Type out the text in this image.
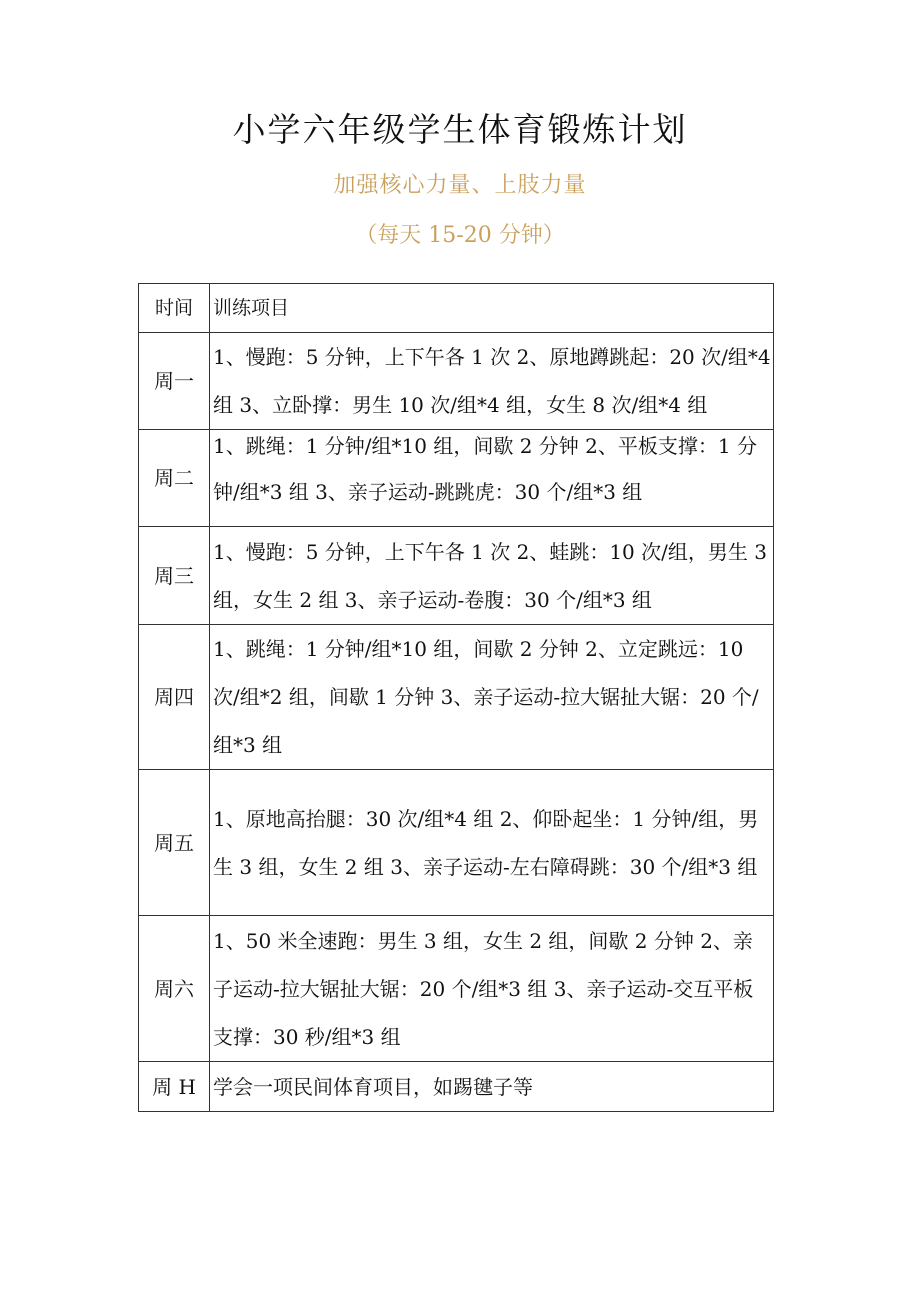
小学六年级学生体育锻炼计划
加强核心力量、上肢力量
（每天 15-20 分钟）
时间	训练项目
周一	1、慢跑：5 分钟，上下午各 1 次 2、原地蹲跳起：20 次/组*4 组 3、立卧撑：男生 10 次/组*4 组，女生 8 次/组*4 组

周二	1、跳绳：1 分钟/组*10 组，间歇 2 分钟 2、平板支撑：1 分
钟/组*3 组 3、亲子运动-跳跳虎：30 个/组*3 组

周三	1、慢跑：5 分钟，上下午各 1 次 2、蛙跳：10 次/组，男生 3 组，女生 2 组 3、亲子运动-卷腹：30 个/组*3 组

周四	1、跳绳：1 分钟/组*10 组，间歇 2 分钟 2、立定跳远：10 次/组*2 组，间歇 1 分钟 3、亲子运动-拉大锯扯大锯：20 个/组*3 组

周五	1、原地高抬腿：30 次/组*4 组 2、仰卧起坐：1 分钟/组，男生 3 组，女生 2 组 3、亲子运动-左右障碍跳：30 个/组*3 组

周六	1、50 米全速跑：男生 3 组，女生 2 组，间歇 2 分钟 2、亲子运动-拉大锯扯大锯：20 个/组*3 组 3、亲子运动-交互平板支撑：30 秒/组*3 组

周 H	学会一项民间体育项目，如踢毽子等
